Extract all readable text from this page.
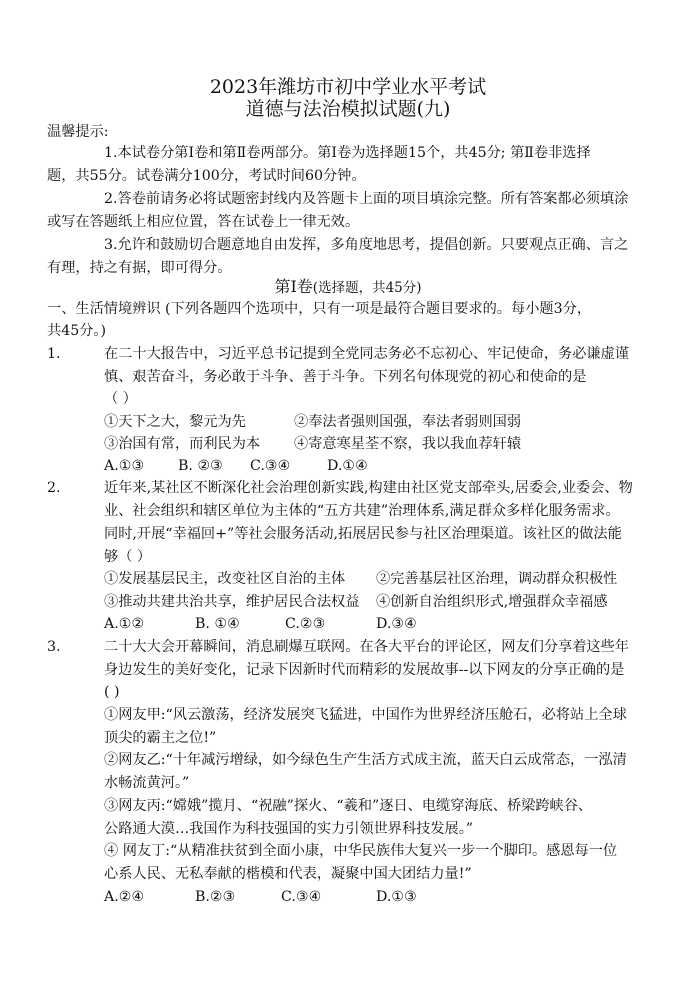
2023年潍坊市初中学业水平考试
道德与法治模拟试题(九)
温馨提示:
1.本试卷分第Ⅰ卷和第Ⅱ卷两部分。第Ⅰ卷为选择题15个，共45分; 第Ⅱ卷非选择
题，共55分。试卷满分100分，考试时间60分钟。
2.答卷前请务必将试题密封线内及答题卡上面的项目填涂完整。所有答案都必须填涂
或写在答题纸上相应位置，答在试卷上一律无效。
3.允许和鼓励切合题意地自由发挥，多角度地思考，提倡创新。只要观点正确、言之
有理，持之有据，即可得分。
第Ⅰ卷(选择题，共45分)
一、生活情境辨识 (下列各题四个选项中，只有一项是最符合题目要求的。每小题3分，
共45分。)
1.	在二十大报告中，习近平总书记提到全党同志务必不忘初心、牢记使命，务必谦虚谨
慎、艰苦奋斗，务必敢于斗争、善于斗争。下列名句体现党的初心和使命的是
（ ）
①天下之大，黎元为先	②奉法者强则国强，奉法者弱则国弱
③治国有常，而利民为本 ④寄意寒星荃不察，我以我血荐轩辕
A.①③ B. ②③ C.③④	D.①④
2.	近年来,某社区不断深化社会治理创新实践,构建由社区党支部牵头,居委会,业委会、物
业、社会组织和辖区单位为主体的“五方共建”治理体系,满足群众多样化服务需求。
同时,开展“幸福回+”等社会服务活动,拓展居民参与社区治理渠道。该社区的做法能
够（ ）
①发展基层民主，改变社区自治的主体 ②完善基层社区治理，调动群众积极性
③推动共建共治共享，维护居民合法权益 ④创新自治组织形式,增强群众幸福感
A.①②	B. ①④	C.②③	D.③④
3.	二十大大会开幕瞬间，消息刷爆互联网。在各大平台的评论区，网友们分享着这些年
身边发生的美好变化，记录下因新时代而精彩的发展故事--以下网友的分享正确的是
( )
①网友甲:“风云激荡，经济发展突飞猛进，中国作为世界经济压舱石，必将站上全球
顶尖的霸主之位!”
②网友乙:“十年减污增绿，如今绿色生产生活方式成主流，蓝天白云成常态，一泓清
水畅流黄河。”
③网友丙:“嫦娥”揽月、“祝融”探火、“羲和”逐日、电缆穿海底、桥梁跨峡谷、
公路通大漠…我国作为科技强国的实力引领世界科技发展。”
④ 网友丁:“从精准扶贫到全面小康，中华民族伟大复兴一步一个脚印。感恩每一位
心系人民、无私奉献的楷模和代表，凝聚中国大团结力量!”
A.②④	B.②③	C.③④	D.①③
